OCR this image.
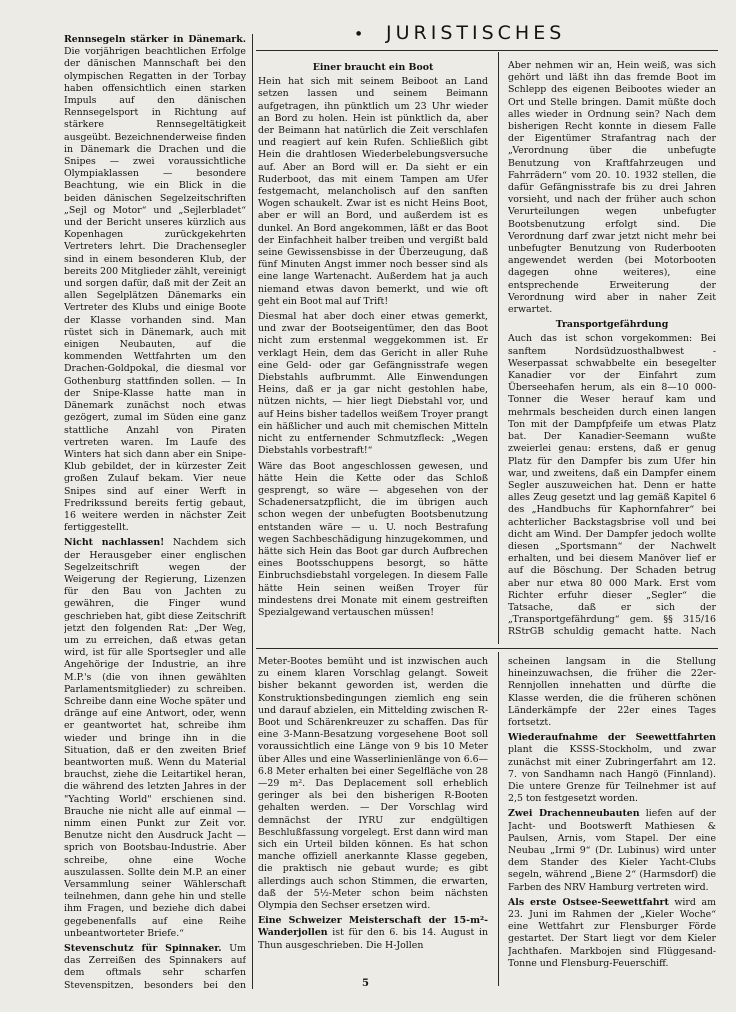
● JURISTISCHES

Rennsegeln stärker in Dänemark. Die vorjährigen beachtlichen Erfolge der dänischen Mannschaft bei den olympischen Regatten in der Torbay haben offensichtlich einen starken Impuls auf den dänischen Rennsegelsport in Richtung auf stärkere Rennsegeltätigkeit ausgeübt. Bezeichnenderweise finden in Dänemark die Drachen und die Snipes — zwei voraussichtliche Olympiaklassen — besondere Beachtung, wie ein Blick in die beiden dänischen Segelzeitschriften „Sejl og Motor“ und „Sejlerbladet“ und der Bericht unseres kürzlich aus Kopenhagen zurückgekehrten Vertreters lehrt. Die Drachensegler sind in einem besonderen Klub, der bereits 200 Mitglieder zählt, vereinigt und sorgen dafür, daß mit der Zeit an allen Segelplätzen Dänemarks ein Vertreter des Klubs und einige Boote der Klasse vorhanden sind. Man rüstet sich in Dänemark, auch mit einigen Neubauten, auf die kommenden Wettfahrten um den Drachen-Goldpokal, die diesmal vor Gothenburg stattfinden sollen. — In der Snipe-Klasse hatte man in Dänemark zunächst noch etwas gezögert, zumal im Süden eine ganz stattliche Anzahl von Piraten vertreten waren. Im Laufe des Winters hat sich dann aber ein Snipe-Klub gebildet, der in kürzester Zeit großen Zulauf bekam. Vier neue Snipes sind auf einer Werft in Fredrikssund bereits fertig gebaut, 16 weitere werden in nächster Zeit fertiggestellt.

Nicht nachlassen! Nachdem sich der Herausgeber einer englischen Segelzeitschrift wegen der Weigerung der Regierung, Lizenzen für den Bau von Jachten zu gewähren, die Finger wund geschrieben hat, gibt diese Zeitschrift jetzt den folgenden Rat: „Der Weg, um zu erreichen, daß etwas getan wird, ist für alle Sportsegler und alle Angehörige der Industrie, an ihre M.P.'s (die von ihnen gewählten Parlamentsmitglieder) zu schreiben. Schreibe dann eine Woche später und dränge auf eine Antwort, oder, wenn er geantwortet hat, schreibe ihm wieder und bringe ihn in die Situation, daß er den zweiten Brief beantworten muß. Wenn du Material brauchst, ziehe die Leitartikel heran, die während des letzten Jahres in der "Yachting World" erschienen sind. Brauche nie nicht alle auf einmal — nimm einen Punkt zur Zeit vor. Benutze nicht den Ausdruck Jacht — sprich von Bootsbau-Industrie. Aber schreibe, ohne eine Woche auszulassen. Sollte dein M.P. an einer Versammlung seiner Wählerschaft teilnehmen, dann gehe hin und stelle ihm Fragen, und beziehe dich dabei gegebenenfalls auf eine Reihe unbeantworteter Briefe.“

Stevenschutz für Spinnaker. Um das Zerreißen des Spinnakers auf dem oftmals sehr scharfen Stevenspitzen, besonders bei den

Einer braucht ein Boot

Hein hat sich mit seinem Beiboot an Land setzen lassen und seinem Beimann aufgetragen, ihn pünktlich um 23 Uhr wieder an Bord zu holen. Hein ist pünktlich da, aber der Beimann hat natürlich die Zeit verschlafen und reagiert auf kein Rufen. Schließlich gibt Hein die drahtlosen Wiederbelebungsversuche auf. Aber an Bord will er. Da sieht er ein Ruderboot, das mit einem Tampen am Ufer festgemacht, melancholisch auf den sanften Wogen schaukelt. Zwar ist es nicht Heins Boot, aber er will an Bord, und außerdem ist es dunkel. An Bord angekommen, läßt er das Boot der Einfachheit halber treiben und vergißt bald seine Gewissensbisse in der Überzeugung, daß fünf Minuten Angst immer noch besser sind als eine lange Wartenacht. Außerdem hat ja auch niemand etwas davon bemerkt, und wie oft geht ein Boot mal auf Trift!

Diesmal hat aber doch einer etwas gemerkt, und zwar der Bootseigentümer, den das Boot nicht zum erstenmal weggekommen ist. Er verklagt Hein, dem das Gericht in aller Ruhe eine Geld- oder gar Gefängnisstrafe wegen Diebstahls aufbrummt. Alle Einwendungen Heins, daß er ja gar nicht gestohlen habe, nützen nichts, — hier liegt Diebstahl vor, und auf Heins bisher tadellos weißem Troyer prangt ein häßlicher und auch mit chemischen Mitteln nicht zu entfernender Schmutzfleck: „Wegen Diebstahls vorbestraft!“

Wäre das Boot angeschlossen gewesen, und hätte Hein die Kette oder das Schloß gesprengt, so wäre — abgesehen von der Schadenersatzpflicht, die im übrigen auch schon wegen der unbefugten Bootsbenutzung entstanden wäre — u. U. noch Bestrafung wegen Sachbeschädigung hinzugekommen, und hätte sich Hein das Boot gar durch Aufbrechen eines Bootsschuppens besorgt, so hätte Einbruchsdiebstahl vorgelegen. In diesem Falle hätte Hein seinen weißen Troyer für mindestens drei Monate mit einem gestreiften Spezialgewand vertauschen müssen!

Aber nehmen wir an, Hein weiß, was sich gehört und läßt ihn das fremde Boot im Schlepp des eigenen Beibootes wieder an Ort und Stelle bringen. Damit müßte doch alles wieder in Ordnung sein? Nach dem bisherigen Recht konnte in diesem Falle der Eigentümer Strafantrag nach der „Verordnung über die unbefugte Benutzung von Kraftfahrzeugen und Fahrrädern“ vom 20. 10. 1932 stellen, die dafür Gefängnisstrafe bis zu drei Jahren vorsieht, und nach der früher auch schon Verurteilungen wegen unbefugter Bootsbenutzung erfolgt sind. Die Verordnung darf zwar jetzt nicht mehr bei unbefugter Benutzung von Ruderbooten angewendet werden (bei Motorbooten dagegen ohne weiteres), eine entsprechende Erweiterung der Verordnung wird aber in naher Zeit erwartet.

Transportgefährdung

Auch das ist schon vorgekommen: Bei sanftem Nordsüdzuosthalbwest - Weserpassat schwabbelte ein besegelter Kanadier vor der Einfahrt zum Überseehafen herum, als ein 8—10 000-Tonner die Weser herauf kam und mehrmals bescheiden durch einen langen Ton mit der Dampfpfeife um etwas Platz bat. Der Kanadier-Seemann wußte zweierlei genau: erstens, daß er genug Platz für den Dampfer bis zum Ufer hin war, und zweitens, daß ein Dampfer einem Segler auszuweichen hat. Denn er hatte alles Zeug gesetzt und lag gemäß Kapitel 6 des „Handbuchs für Kaphornfahrer“ bei achterlicher Backstagsbrise voll und bei dicht am Wind. Der Dampfer jedoch wollte diesen „Sportsmann“ der Nachwelt erhalten, und bei diesem Manöver lief er auf die Böschung. Der Schaden betrug aber nur etwa 80 000 Mark. Erst vom Richter erfuhr dieser „Segler“ die Tatsache, daß er sich der „Transportgefährdung“ gem. §§ 315/16 RStrGB schuldig gemacht hatte. Nach

Meter-Bootes bemüht und ist inzwischen auch zu einem klaren Vorschlag gelangt. Soweit bisher bekannt geworden ist, werden die Konstruktionsbedingungen ziemlich eng sein und darauf abzielen, ein Mittelding zwischen R-Boot und Schärenkreuzer zu schaffen. Das für eine 3-Mann-Besatzung vorgesehene Boot soll voraussichtlich eine Länge von 9 bis 10 Meter über Alles und eine Wasserlinienlänge von 6.6—6.8 Meter erhalten bei einer Segelfläche von 28—29 m². Das Deplacement soll erheblich geringer als bei den bisherigen R-Booten gehalten werden. — Der Vorschlag wird demnächst der IYRU zur endgültigen Beschlußfassung vorgelegt. Erst dann wird man sich ein Urteil bilden können. Es hat schon manche offiziell anerkannte Klasse gegeben, die praktisch nie gebaut wurde; es gibt allerdings auch schon Stimmen, die erwarten, daß der 5½-Meter schon beim nächsten Olympia den Sechser ersetzen wird.

Eine Schweizer Meisterschaft der 15-m²-Wanderjollen ist für den 6. bis 14. August in Thun ausgeschrieben. Die H-Jollen

scheinen langsam in die Stellung hineinzuwachsen, die früher die 22er-Rennjollen innehatten und dürfte die Klasse werden, die die früheren schönen Länderkämpfe der 22er eines Tages fortsetzt.

Wiederaufnahme der Seewettfahrten plant die KSSS-Stockholm, und zwar zunächst mit einer Zubringerfahrt am 12. 7. von Sandhamn nach Hangö (Finnland). Die untere Grenze für Teilnehmer ist auf 2,5 ton festgesetzt worden.

Zwei Drachenneubauten liefen auf der Jacht- und Bootswerft Mathiesen & Paulsen, Arnis, vom Stapel. Der eine Neubau „Irmi 9“ (Dr. Lubinus) wird unter dem Stander des Kieler Yacht-Clubs segeln, während „Biene 2“ (Harmsdorf) die Farben des NRV Hamburg vertreten wird.

Als erste Ostsee-Seewettfahrt wird am 23. Juni im Rahmen der „Kieler Woche“ eine Wettfahrt zur Flensburger Förde gestartet. Der Start liegt vor dem Kieler Jachthafen. Markbojen sind Flüggesand-Tonne und Flensburg-Feuerschiff.

5
